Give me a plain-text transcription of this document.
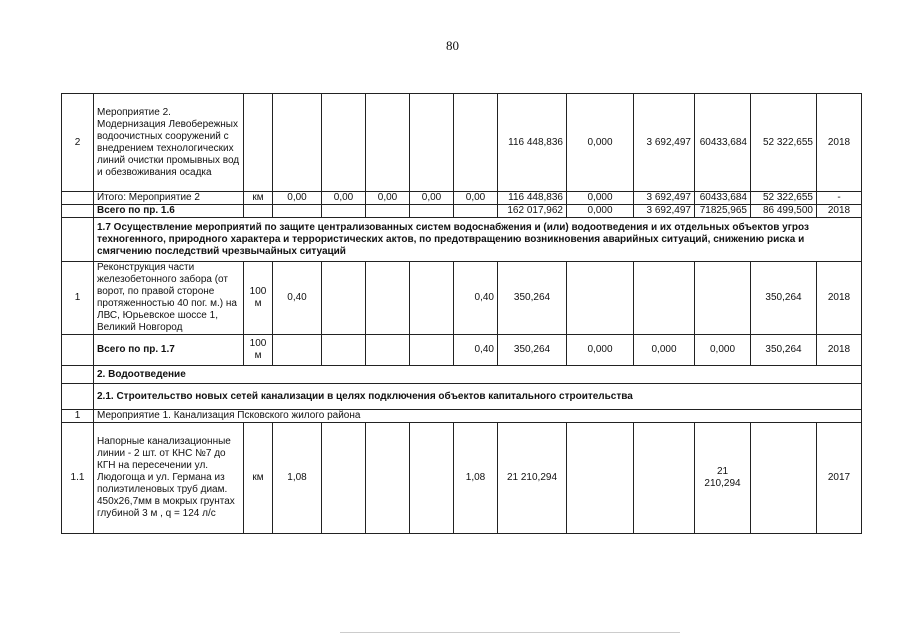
80
2	Мероприятие 2. Модернизация Левобережных водоочистных сооружений с внедрением технологических линий очистки промывных вод и обезвоживания осадка							116 448,836	0,000	3 692,497	60433,684	52 322,655	2018
	Итого: Мероприятие 2	км	0,00	0,00	0,00	0,00	0,00	116 448,836	0,000	3 692,497	60433,684	52 322,655	-
	Всего по пр. 1.6							162 017,962	0,000	3 692,497	71825,965	86 499,500	2018
	1.7 Осуществление мероприятий по защите централизованных систем водоснабжения и (или) водоотведения и их отдельных объектов угроз техногенного, природного характера и террористических актов, по предотвращению возникновения аварийных ситуаций, снижению риска и смягчению последствий чрезвычайных ситуаций												
1	Реконструкция части железобетонного забора (от ворот, по правой стороне протяженностью 40 пог. м.) на ЛВС, Юрьевское шоссе 1, Великий Новгород	100 м	0,40				0,40	350,264				350,264	2018
	Всего по пр. 1.7	100 м					0,40	350,264	0,000	0,000	0,000	350,264	2018
	2. Водоотведение												
	2.1. Строительство новых сетей канализации в целях подключения объектов капитального строительства												
1	Мероприятие 1. Канализация Псковского жилого района												
1.1	Напорные канализационные линии - 2 шт. от КНС №7 до КГН на пересечении ул. Людогоща и ул. Германа из полиэтиленовых труб диам. 450х26,7мм в мокрых грунтах глубиной 3 м , q = 124 л/с	км	1,08				1,08	21 210,294			21 210,294		2017
